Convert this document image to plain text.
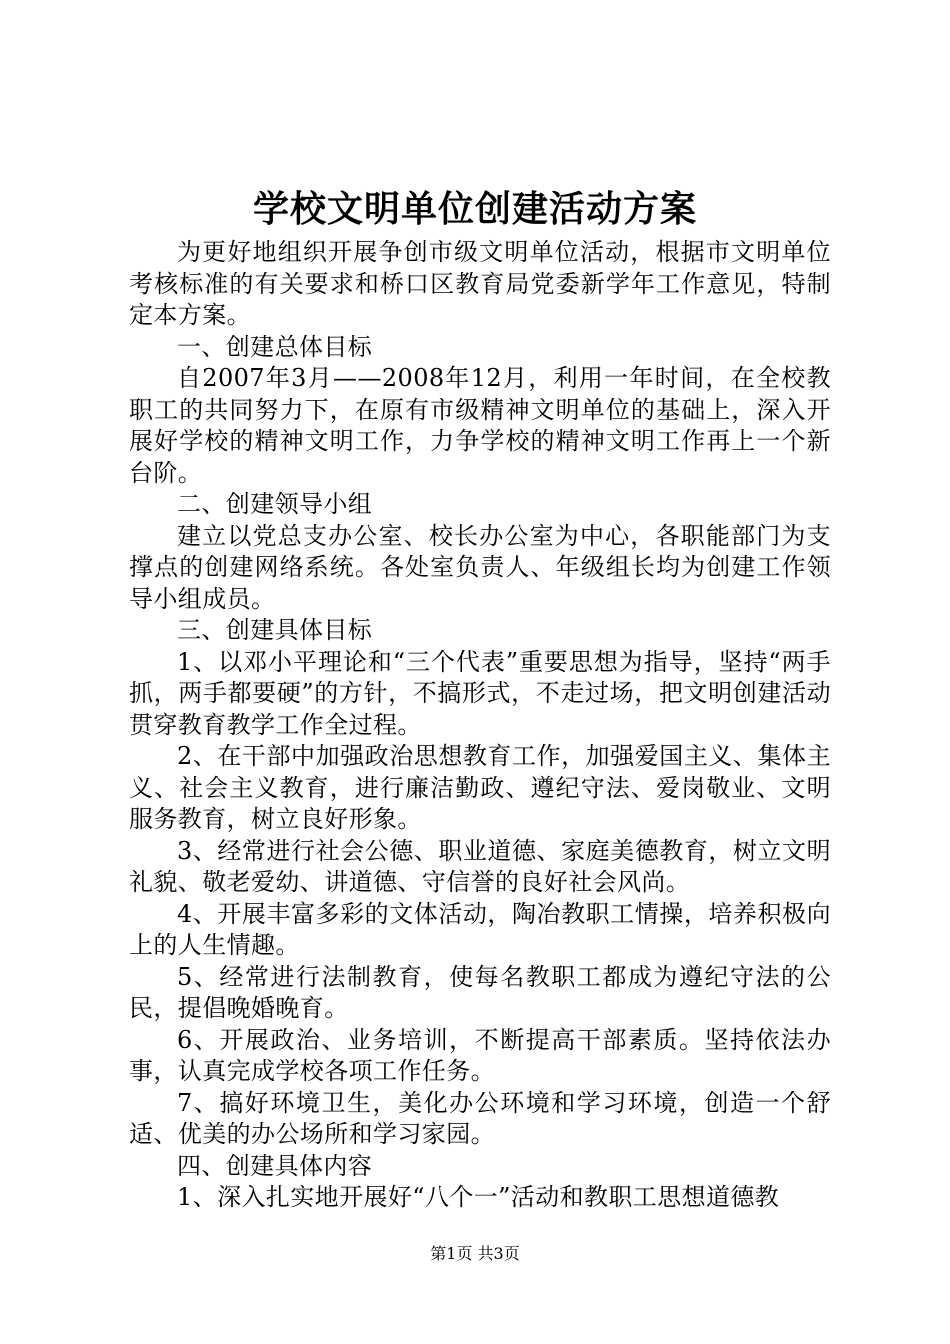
学校文明单位创建活动方案

为更好地组织开展争创市级文明单位活动，根据市文明单位考核标准的有关要求和桥口区教育局党委新学年工作意见，特制定本方案。

一、创建总体目标

自2007年3月——2008年12月，利用一年时间，在全校教职工的共同努力下，在原有市级精神文明单位的基础上，深入开展好学校的精神文明工作，力争学校的精神文明工作再上一个新台阶。

二、创建领导小组

建立以党总支办公室、校长办公室为中心，各职能部门为支撑点的创建网络系统。各处室负责人、年级组长均为创建工作领导小组成员。

三、创建具体目标

1、以邓小平理论和“三个代表”重要思想为指导，坚持“两手抓，两手都要硬”的方针，不搞形式，不走过场，把文明创建活动贯穿教育教学工作全过程。

2、在干部中加强政治思想教育工作，加强爱国主义、集体主义、社会主义教育，进行廉洁勤政、遵纪守法、爱岗敬业、文明服务教育，树立良好形象。

3、经常进行社会公德、职业道德、家庭美德教育，树立文明礼貌、敬老爱幼、讲道德、守信誉的良好社会风尚。

4、开展丰富多彩的文体活动，陶冶教职工情操，培养积极向上的人生情趣。

5、经常进行法制教育，使每名教职工都成为遵纪守法的公民，提倡晚婚晚育。

6、开展政治、业务培训，不断提高干部素质。坚持依法办事，认真完成学校各项工作任务。

7、搞好环境卫生，美化办公环境和学习环境，创造一个舒适、优美的办公场所和学习家园。

四、创建具体内容

1、深入扎实地开展好“八个一”活动和教职工思想道德教

第1页 共3页
